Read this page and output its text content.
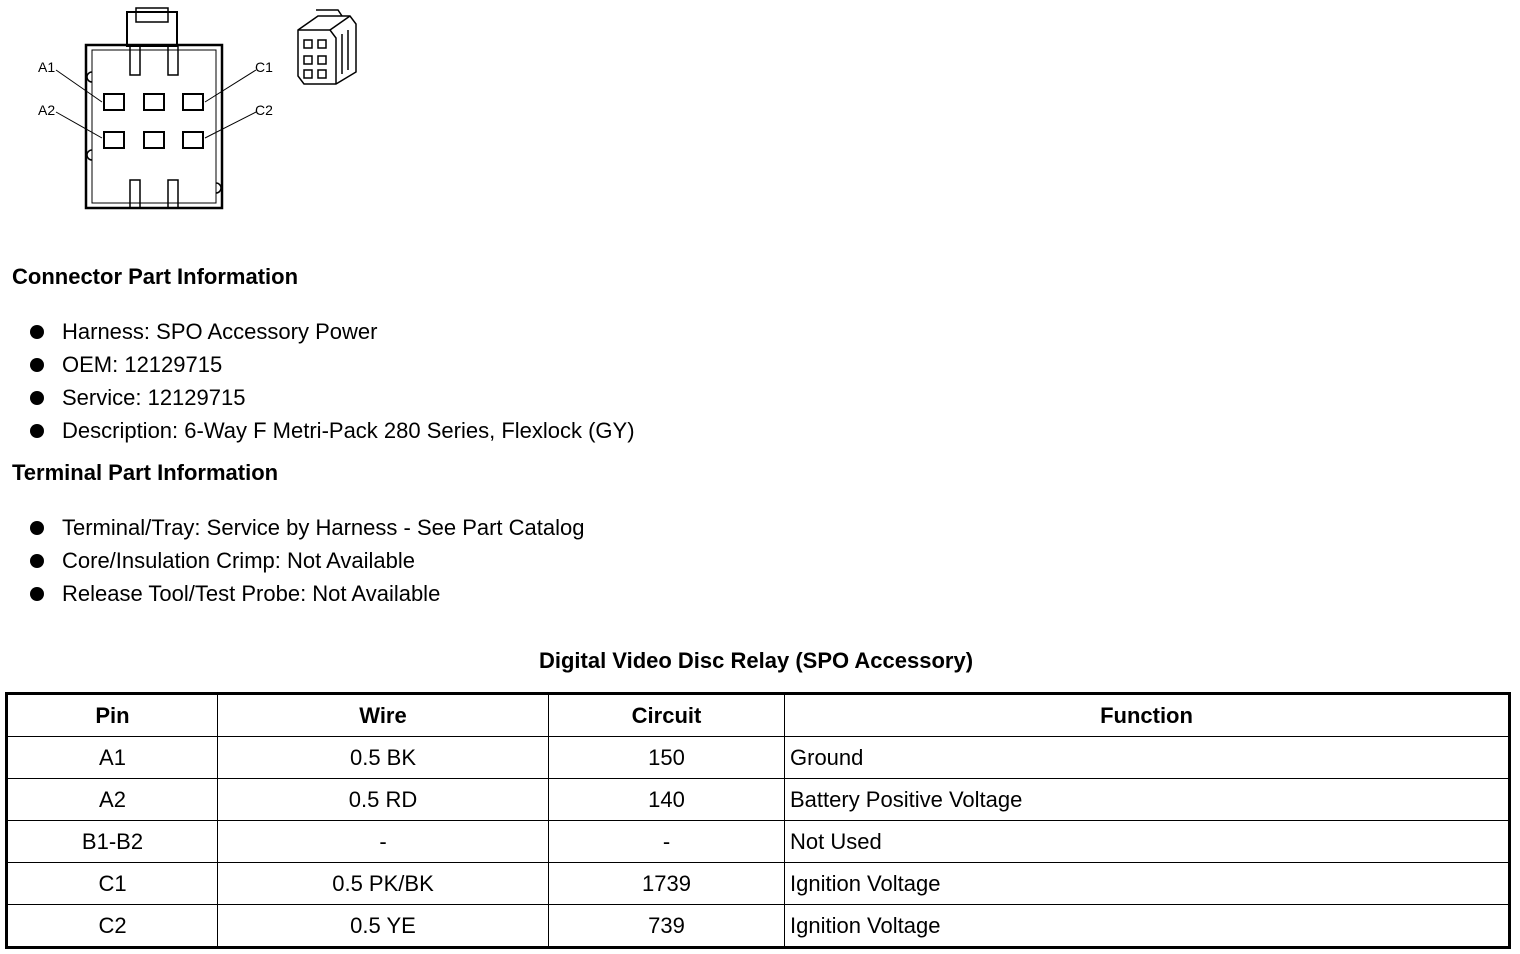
A1
A2
C1
C2
Connector Part Information
Harness: SPO Accessory Power
OEM: 12129715
Service: 12129715
Description: 6-Way F Metri-Pack 280 Series, Flexlock (GY)
Terminal Part Information
Terminal/Tray: Service by Harness - See Part Catalog
Core/Insulation Crimp: Not Available
Release Tool/Test Probe: Not Available
Digital Video Disc Relay (SPO Accessory)
Pin	Wire	Circuit	Function
A1	0.5 BK	150	Ground
A2	0.5 RD	140	Battery Positive Voltage
B1-B2	-	-	Not Used
C1	0.5 PK/BK	1739	Ignition Voltage
C2	0.5 YE	739	Ignition Voltage
